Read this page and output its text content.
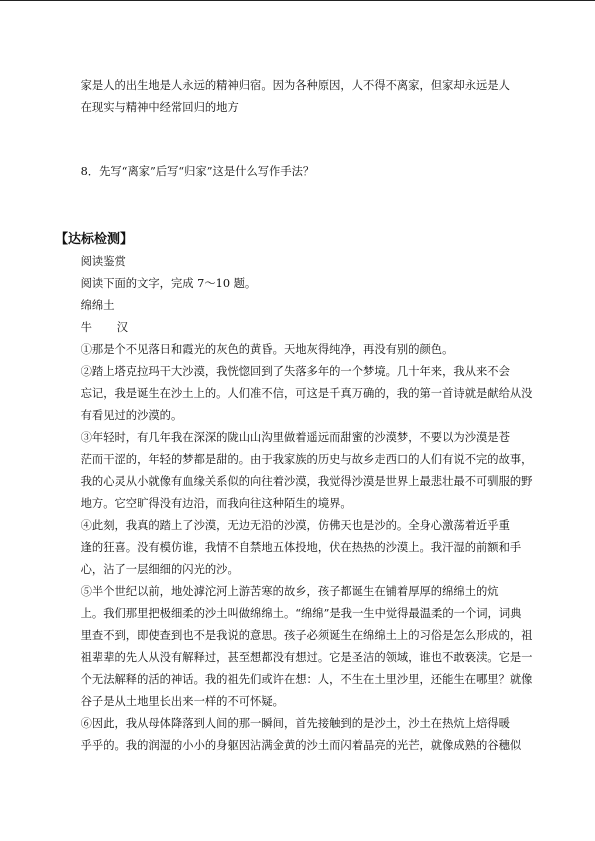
家是人的出生地是人永远的精神归宿。因为各种原因，人不得不离家，但家却永远是人
在现实与精神中经常回归的地方

8．先写“离家”后写“归家”这是什么写作手法？

【达标检测】

阅读鉴赏

阅读下面的文字，完成 7～10 题。

绵绵土

牛　汉

①那是个不见落日和霞光的灰色的黄昏。天地灰得纯净，再没有别的颜色。
②踏上塔克拉玛干大沙漠，我恍惚回到了失落多年的一个梦境。几十年来，我从来不会
忘记，我是诞生在沙土上的。人们准不信，可这是千真万确的，我的第一首诗就是献给从没
有看见过的沙漠的。
③年轻时，有几年我在深深的陇山山沟里做着遥远而甜蜜的沙漠梦，不要以为沙漠是苍
茫而干涩的，年轻的梦都是甜的。由于我家族的历史与故乡走西口的人们有说不完的故事，
我的心灵从小就像有血缘关系似的向往着沙漠，我觉得沙漠是世界上最悲壮最不可驯服的野
地方。它空旷得没有边沿，而我向往这种陌生的境界。
④此刻，我真的踏上了沙漠，无边无沿的沙漠，仿佛天也是沙的。全身心激荡着近乎重
逢的狂喜。没有模仿谁，我情不自禁地五体投地，伏在热热的沙漠上。我汗湿的前额和手
心，沾了一层细细的闪光的沙。
⑤半个世纪以前，地处滹沱河上游苦寒的故乡，孩子都诞生在铺着厚厚的绵绵土的炕
上。我们那里把极细柔的沙土叫做绵绵土。“绵绵”是我一生中觉得最温柔的一个词，词典
里查不到，即使查到也不是我说的意思。孩子必须诞生在绵绵土上的习俗是怎么形成的，祖
祖辈辈的先人从没有解释过，甚至想都没有想过。它是圣洁的领域，谁也不敢亵渎。它是一
个无法解释的活的神话。我的祖先们或许在想：人，不生在土里沙里，还能生在哪里？就像
谷子是从土地里长出来一样的不可怀疑。
⑥因此，我从母体降落到人间的那一瞬间，首先接触到的是沙土，沙土在热炕上焙得暖
乎乎的。我的润湿的小小的身躯因沾满金黄的沙土而闪着晶亮的光芒，就像成熟的谷穗似
